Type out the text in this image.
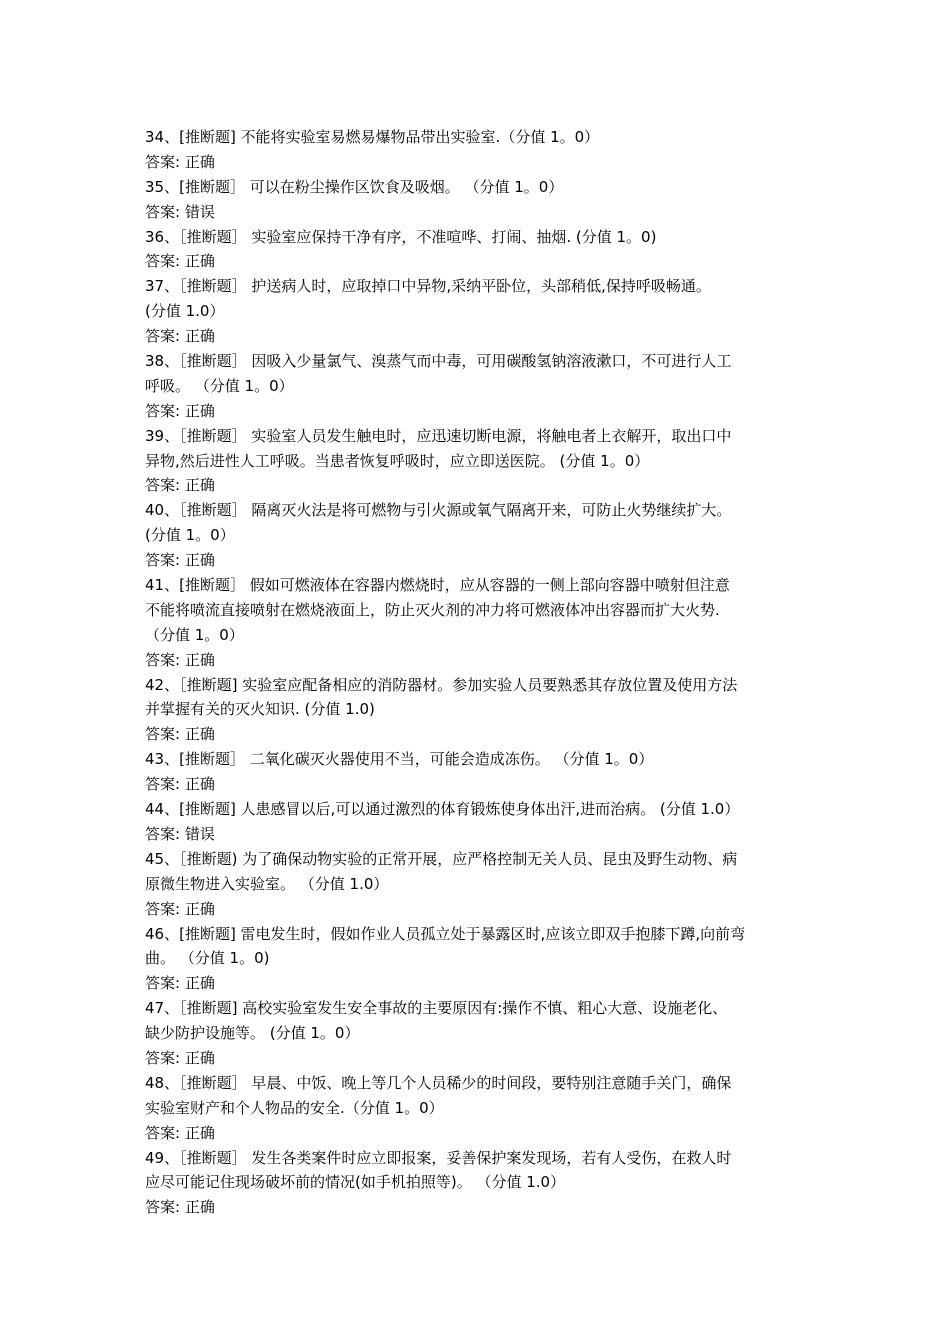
34、[推断题] 不能将实验室易燃易爆物品带出实验室.（分值 1。0）
答案: 正确
35、[推断题］ 可以在粉尘操作区饮食及吸烟。 （分值 1。0）
答案: 错误
36、［推断题］ 实验室应保持干净有序，不准喧哗、打闹、抽烟. (分值 1。0)
答案: 正确
37、［推断题］ 护送病人时，应取掉口中异物,采纳平卧位，头部稍低,保持呼吸畅通。
(分值 1.0）
答案: 正确
38、［推断题］ 因吸入少量氯气、溴蒸气而中毒，可用碳酸氢钠溶液漱口，不可进行人工
呼吸。 （分值 1。0）
答案: 正确
39、［推断题］ 实验室人员发生触电时，应迅速切断电源，将触电者上衣解开，取出口中
异物,然后进性人工呼吸。当患者恢复呼吸时，应立即送医院。 (分值 1。0）
答案: 正确
40、［推断题］ 隔离灭火法是将可燃物与引火源或氧气隔离开来，可防止火势继续扩大。
(分值 1。0）
答案: 正确
41、[推断题］ 假如可燃液体在容器内燃烧时，应从容器的一侧上部向容器中喷射但注意
不能将喷流直接喷射在燃烧液面上，防止灭火剂的冲力将可燃液体冲出容器而扩大火势.
（分值 1。0）
答案: 正确
42、［推断题] 实验室应配备相应的消防器材。参加实验人员要熟悉其存放位置及使用方法
并掌握有关的灭火知识. (分值 1.0)
答案: 正确
43、[推断题］ 二氧化碳灭火器使用不当，可能会造成冻伤。 （分值 1。0）
答案: 正确
44、[推断题] 人患感冒以后,可以通过激烈的体育锻炼使身体出汗,进而治病。 (分值 1.0）
答案: 错误
45、［推断题) 为了确保动物实验的正常开展，应严格控制无关人员、昆虫及野生动物、病
原微生物进入实验室。 （分值 1.0）
答案: 正确
46、[推断题] 雷电发生时，假如作业人员孤立处于暴露区时,应该立即双手抱膝下蹲,向前弯
曲。 （分值 1。0)
答案: 正确
47、［推断题] 高校实验室发生安全事故的主要原因有:操作不慎、粗心大意、设施老化、
缺少防护设施等。 (分值 1。0）
答案: 正确
48、［推断题］ 早晨、中饭、晚上等几个人员稀少的时间段，要特别注意随手关门，确保
实验室财产和个人物品的安全.（分值 1。0）
答案: 正确
49、［推断题］ 发生各类案件时应立即报案，妥善保护案发现场，若有人受伤，在救人时
应尽可能记住现场破坏前的情况(如手机拍照等)。 （分值 1.0）
答案: 正确
